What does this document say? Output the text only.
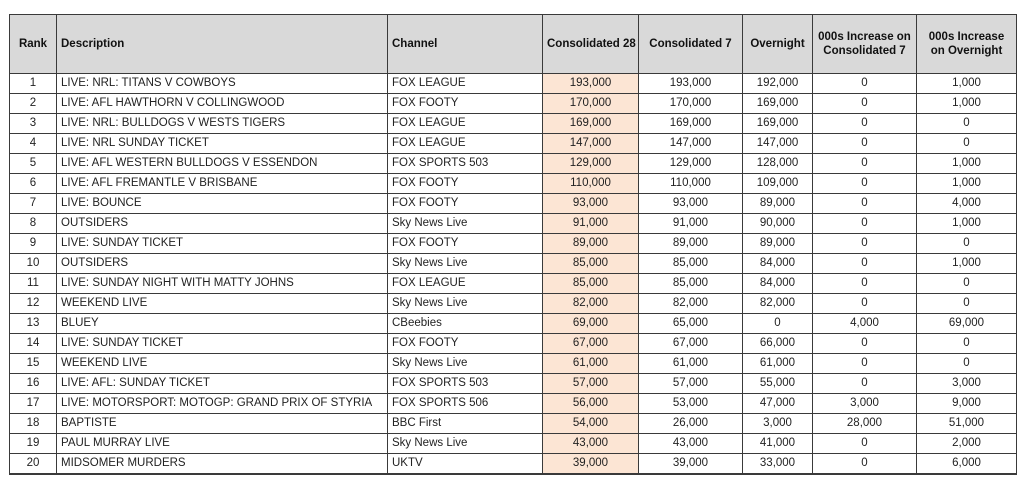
Rank	Description	Channel	Consolidated 28	Consolidated 7	Overnight	000s Increase on Consolidated 7	000s Increase on Overnight
1	LIVE: NRL: TITANS V COWBOYS	FOX LEAGUE	193,000	193,000	192,000	0	1,000
2	LIVE: AFL HAWTHORN V COLLINGWOOD	FOX FOOTY	170,000	170,000	169,000	0	1,000
3	LIVE: NRL: BULLDOGS V WESTS TIGERS	FOX LEAGUE	169,000	169,000	169,000	0	0
4	LIVE: NRL SUNDAY TICKET	FOX LEAGUE	147,000	147,000	147,000	0	0
5	LIVE: AFL WESTERN BULLDOGS V ESSENDON	FOX SPORTS 503	129,000	129,000	128,000	0	1,000
6	LIVE: AFL FREMANTLE V BRISBANE	FOX FOOTY	110,000	110,000	109,000	0	1,000
7	LIVE: BOUNCE	FOX FOOTY	93,000	93,000	89,000	0	4,000
8	OUTSIDERS	Sky News Live	91,000	91,000	90,000	0	1,000
9	LIVE: SUNDAY TICKET	FOX FOOTY	89,000	89,000	89,000	0	0
10	OUTSIDERS	Sky News Live	85,000	85,000	84,000	0	1,000
11	LIVE: SUNDAY NIGHT WITH MATTY JOHNS	FOX LEAGUE	85,000	85,000	84,000	0	0
12	WEEKEND LIVE	Sky News Live	82,000	82,000	82,000	0	0
13	BLUEY	CBeebies	69,000	65,000	0	4,000	69,000
14	LIVE: SUNDAY TICKET	FOX FOOTY	67,000	67,000	66,000	0	0
15	WEEKEND LIVE	Sky News Live	61,000	61,000	61,000	0	0
16	LIVE: AFL: SUNDAY TICKET	FOX SPORTS 503	57,000	57,000	55,000	0	3,000
17	LIVE: MOTORSPORT: MOTOGP: GRAND PRIX OF STYRIA	FOX SPORTS 506	56,000	53,000	47,000	3,000	9,000
18	BAPTISTE	BBC First	54,000	26,000	3,000	28,000	51,000
19	PAUL MURRAY LIVE	Sky News Live	43,000	43,000	41,000	0	2,000
20	MIDSOMER MURDERS	UKTV	39,000	39,000	33,000	0	6,000
